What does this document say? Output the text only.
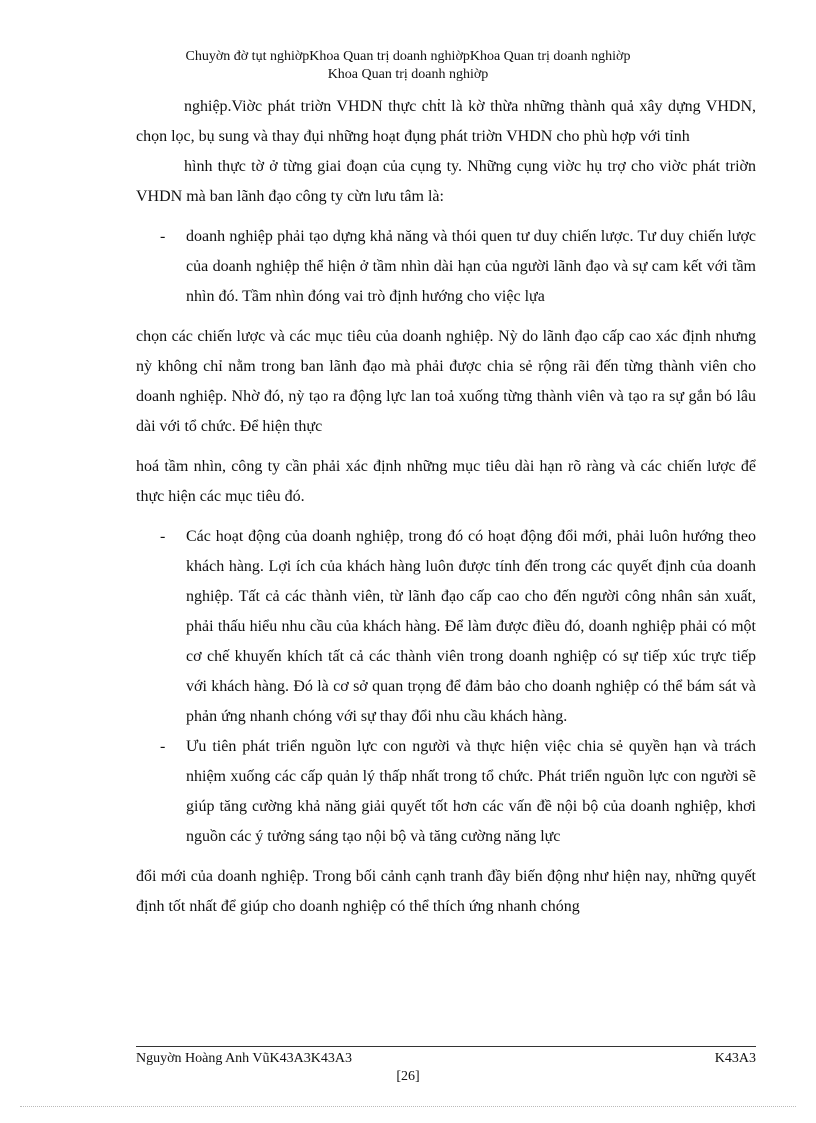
Chuyờn đờ tụt nghiờpKhoa Quan trị doanh nghiờpKhoa Quan trị doanh nghiờp
Khoa Quan trị doanh nghiờp

nghiệp.Viờc phát triờn VHDN thực chṫt là kờ thừa những thành quả xây dựng VHDN, chọn lọc, bụ sung và thay đụi những hoạt đụng phát triờn VHDN cho phù hợp với tỉnh

hình thực tờ ở từng giai đoạn của cụng ty. Những cụng viờc hụ trợ cho viờc phát triờn VHDN mà ban lãnh đạo công ty cừn lưu tâm là:

- doanh nghiệp phải tạo dựng khả năng và thói quen tư duy chiến lược. Tư duy chiến lược của doanh nghiệp thể hiện ở tầm nhìn dài hạn của người lãnh đạo và sự cam kết với tầm nhìn đó. Tầm nhìn đóng vai trò định hướng cho việc lựa

chọn các chiến lược và các mục tiêu của doanh nghiệp. Nỳ do lãnh đạo cấp cao xác định nhưng nỳ không chỉ nằm trong ban lãnh đạo mà phải được chia sẻ rộng rãi đến từng thành viên cho doanh nghiệp. Nhờ đó, nỳ tạo ra động lực lan toả xuống từng thành viên và tạo ra sự gắn bó lâu dài với tổ chức. Để hiện thực

hoá tầm nhìn, công ty cần phải xác định những mục tiêu dài hạn rõ ràng và các chiến lược để thực hiện các mục tiêu đó.

- Các hoạt động của doanh nghiệp, trong đó có hoạt động đổi mới, phải luôn hướng theo khách hàng. Lợi ích của khách hàng luôn được tính đến trong các quyết định của doanh nghiệp. Tất cả các thành viên, từ lãnh đạo cấp cao cho đến người công nhân sản xuất, phải thấu hiểu nhu cầu của khách hàng. Để làm được điều đó, doanh nghiệp phải có một cơ chế khuyến khích tất cả các thành viên trong doanh nghiệp có sự tiếp xúc trực tiếp với khách hàng. Đó là cơ sở quan trọng để đảm bảo cho doanh nghiệp có thể bám sát và phản ứng nhanh chóng với sự thay đổi nhu cầu khách hàng.

- Ưu tiên phát triển nguồn lực con người và thực hiện việc chia sẻ quyền hạn và trách nhiệm xuống các cấp quản lý thấp nhất trong tổ chức. Phát triển nguồn lực con người sẽ giúp tăng cường khả năng giải quyết tốt hơn các vấn đề nội bộ của doanh nghiệp, khơi nguồn các ý tưởng sáng tạo nội bộ và tăng cường năng lực

đổi mới của doanh nghiệp. Trong bối cảnh cạnh tranh đầy biến động như hiện nay, những quyết định tốt nhất để giúp cho doanh nghiệp có thể thích ứng nhanh chóng

Nguyờn Hoàng Anh VũK43A3K43A3	K43A3
[26]
